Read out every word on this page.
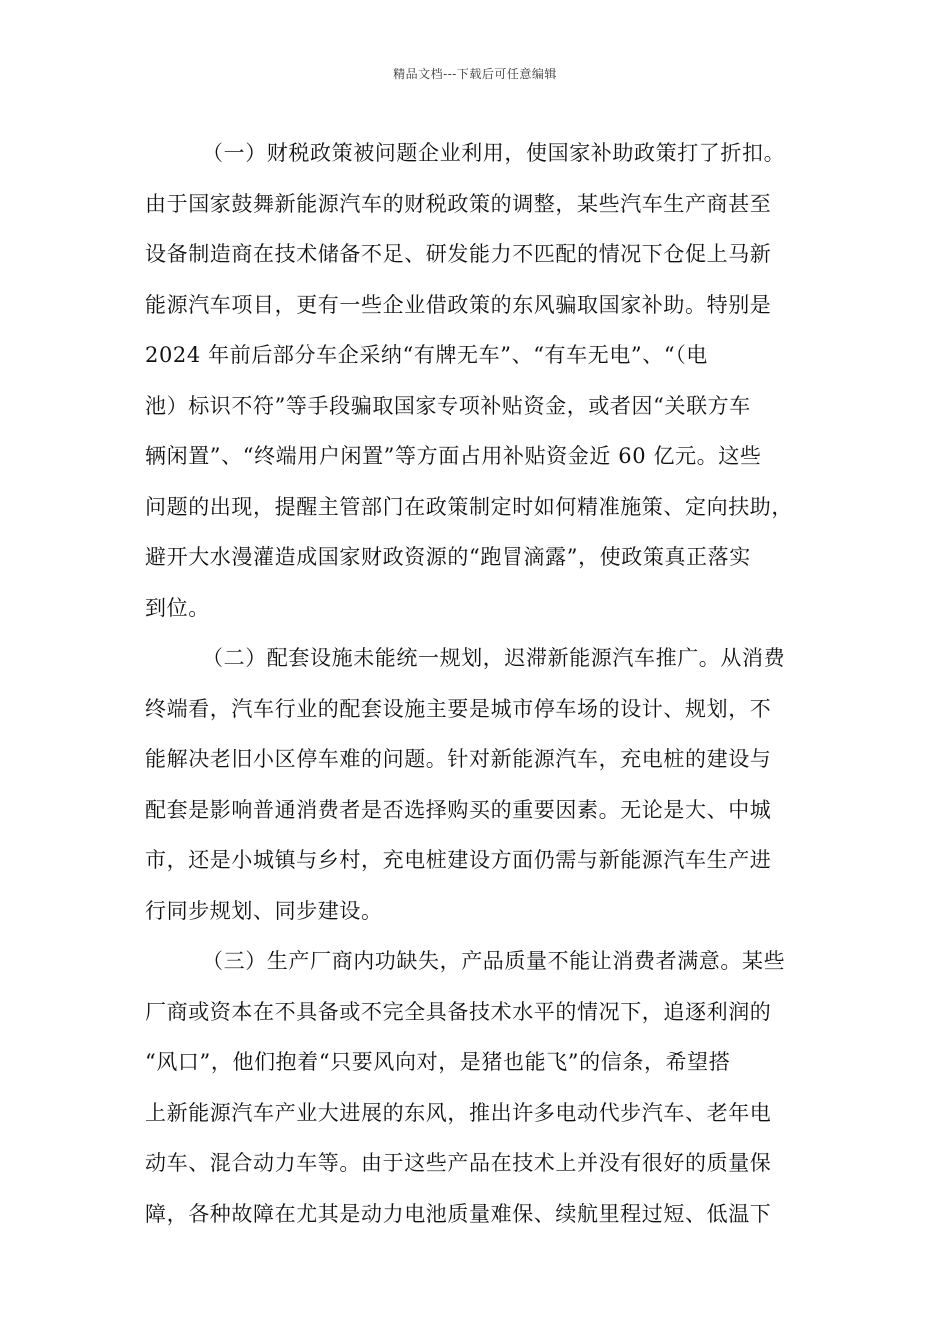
精品文档---下载后可任意编辑
（一）财税政策被问题企业利用，使国家补助政策打了折扣。
由于国家鼓舞新能源汽车的财税政策的调整，某些汽车生产商甚至
设备制造商在技术储备不足、研发能力不匹配的情况下仓促上马新
能源汽车项目，更有一些企业借政策的东风骗取国家补助。特别是
2024 年前后部分车企采纳“有牌无车”、“有车无电”、“（电
池）标识不符”等手段骗取国家专项补贴资金，或者因“关联方车
辆闲置”、“终端用户闲置”等方面占用补贴资金近 60 亿元。这些
问题的出现，提醒主管部门在政策制定时如何精准施策、定向扶助，
避开大水漫灌造成国家财政资源的“跑冒滴露”，使政策真正落实
到位。
（二）配套设施未能统一规划，迟滞新能源汽车推广。从消费
终端看，汽车行业的配套设施主要是城市停车场的设计、规划，不
能解决老旧小区停车难的问题。针对新能源汽车，充电桩的建设与
配套是影响普通消费者是否选择购买的重要因素。无论是大、中城
市，还是小城镇与乡村，充电桩建设方面仍需与新能源汽车生产进
行同步规划、同步建设。
（三）生产厂商内功缺失，产品质量不能让消费者满意。某些
厂商或资本在不具备或不完全具备技术水平的情况下，追逐利润的
“风口”，他们抱着“只要风向对，是猪也能飞”的信条，希望搭
上新能源汽车产业大进展的东风，推出许多电动代步汽车、老年电
动车、混合动力车等。由于这些产品在技术上并没有很好的质量保
障，各种故障在尤其是动力电池质量难保、续航里程过短、低温下
